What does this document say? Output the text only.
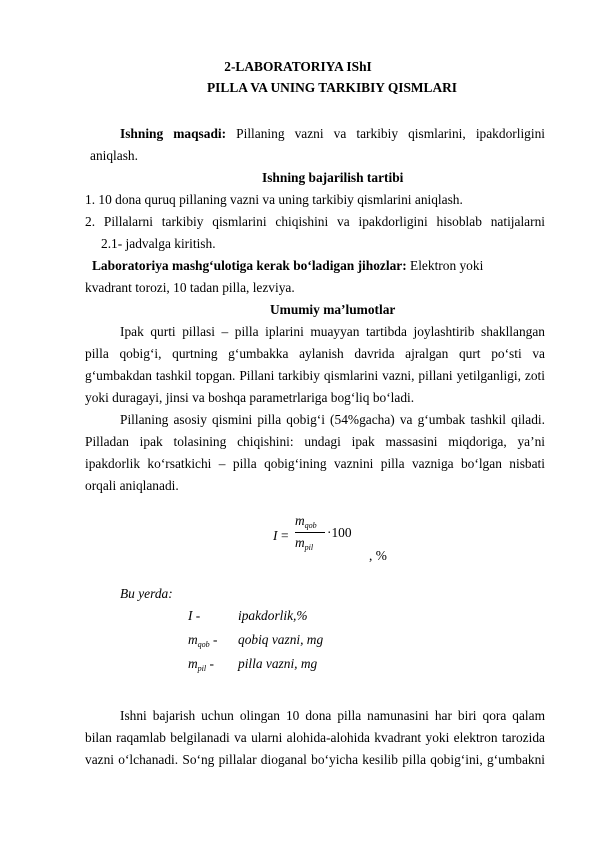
2-LABORATORIYA IShI
PILLA VA UNING TARKIBIY QISMLARI
Ishning maqsadi: Pillaning vazni va tarkibiy qismlarini, ipakdorligini
aniqlash.
Ishning bajarilish tartibi
1. 10 dona quruq pillaning vazni va uning tarkibiy qismlarini aniqlash.
2. Pillalarni tarkibiy qismlarini chiqishini va ipakdorligini hisoblab natijalarni
2.1- jadvalga kiritish.
Laboratoriya mashg‘ulotiga kerak bo‘ladigan jihozlar: Elektron yoki
kvadrant torozi, 10 tadan pilla, lezviya.
Umumiy ma’lumotlar
Ipak qurti pillasi – pilla iplarini muayyan tartibda joylashtirib shakllangan
pilla qobig‘i, qurtning g‘umbakka aylanish davrida ajralgan qurt po‘sti va
g‘umbakdan tashkil topgan. Pillani tarkibiy qismlarini vazni, pillani yetilganligi, zoti
yoki duragayi, jinsi va boshqa parametrlariga bog‘liq bo‘ladi.
Pillaning asosiy qismini pilla qobig‘i (54%gacha) va g‘umbak tashkil qiladi.
Pilladan ipak tolasining chiqishini: undagi ipak massasini miqdoriga, ya’ni
ipakdorlik ko‘rsatkichi – pilla qobig‘ining vaznini pilla vazniga bo‘lgan nisbati
orqali aniqlanadi.
I =
$m_{qob}$
$m_{pil}$
·100
, %
Bu yerda:
I -	ipakdorlik,%
$m_{qob}$ - qobiq vazni, mg
$m_{pil}$ - pilla vazni, mg
Ishni bajarish uchun olingan 10 dona pilla namunasini har biri qora qalam
bilan raqamlab belgilanadi va ularni alohida-alohida kvadrant yoki elektron tarozida
vazni o‘lchanadi. So‘ng pillalar dioganal bo‘yicha kesilib pilla qobig‘ini, g‘umbakni
